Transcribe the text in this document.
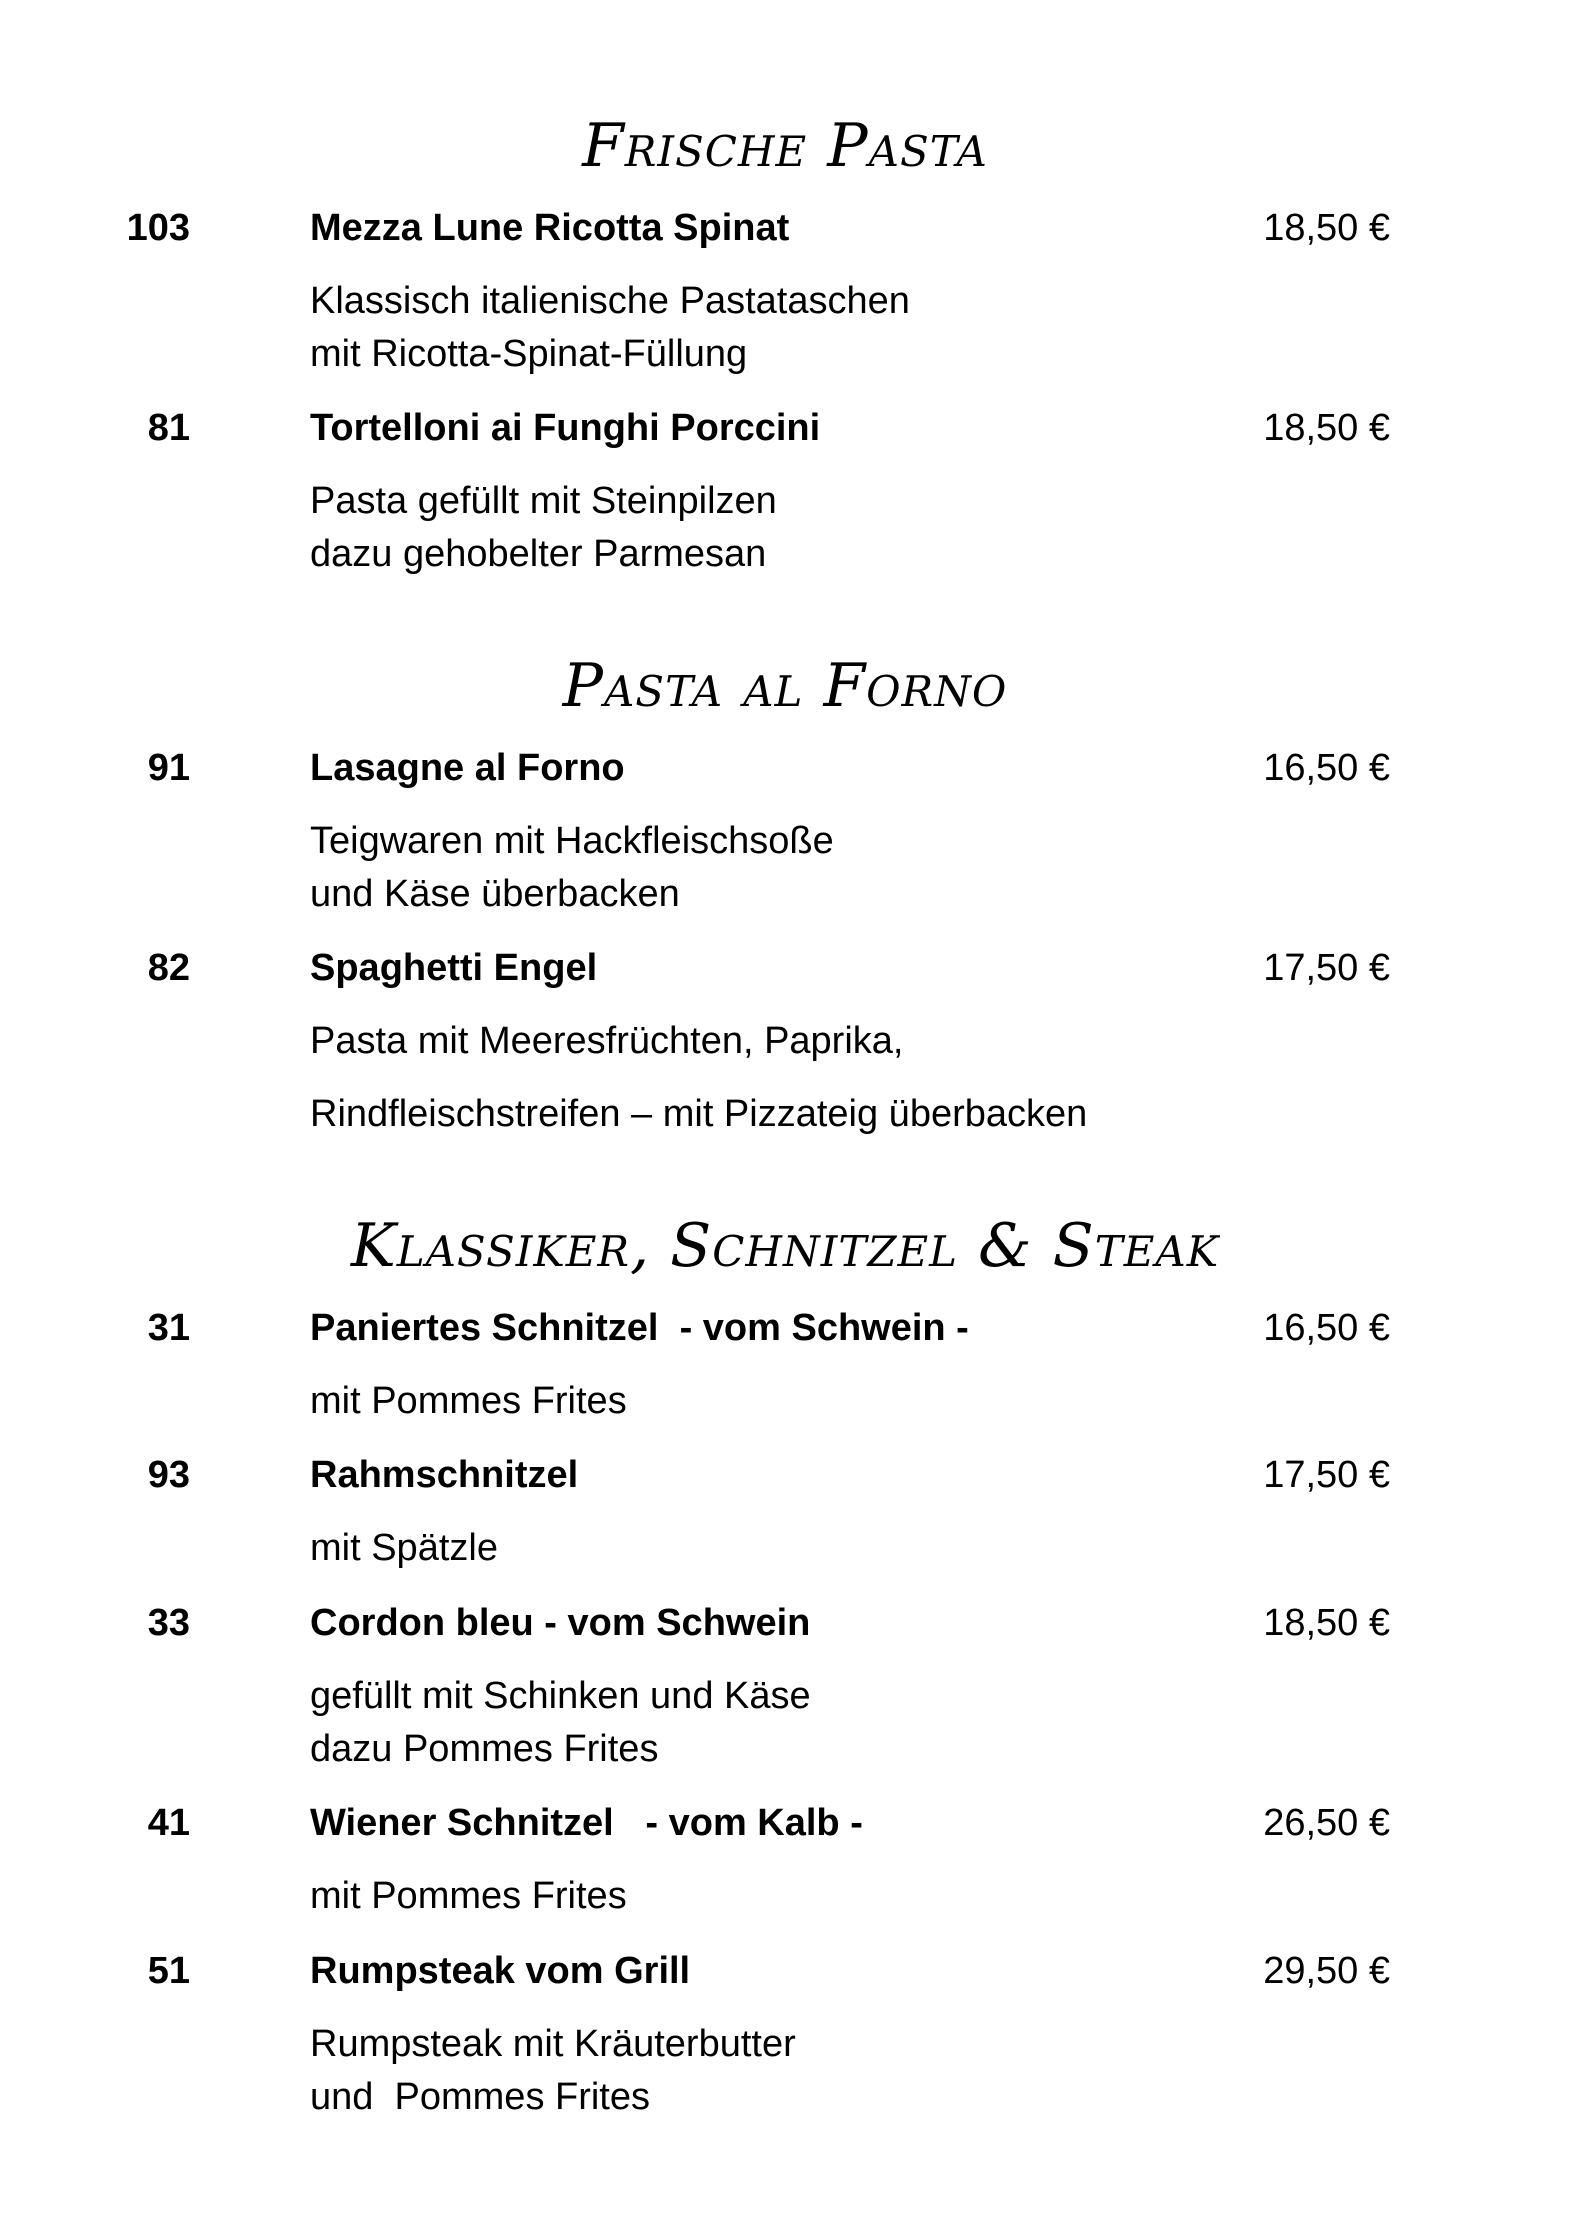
Frische Pasta
103	Mezza Lune Ricotta Spinat	18,50 €
Klassisch italienische Pastataschen
mit Ricotta-Spinat-Füllung
81	Tortelloni ai Funghi Porccini	18,50 €
Pasta gefüllt mit Steinpilzen
dazu gehobelter Parmesan
Pasta al Forno
91	Lasagne al Forno	16,50 €
Teigwaren mit Hackfleischsoße
und Käse überbacken
82	Spaghetti Engel	17,50 €
Pasta mit Meeresfrüchten, Paprika,
Rindfleischstreifen – mit Pizzateig überbacken
Klassiker, Schnitzel & Steak
31	Paniertes Schnitzel  - vom Schwein -	16,50 €
mit Pommes Frites
93	Rahmschnitzel	17,50 €
mit Spätzle
33	Cordon bleu - vom Schwein	18,50 €
gefüllt mit Schinken und Käse
dazu Pommes Frites
41	Wiener Schnitzel   - vom Kalb -	26,50 €
mit Pommes Frites
51	Rumpsteak vom Grill	29,50 €
Rumpsteak mit Kräuterbutter
und  Pommes Frites
